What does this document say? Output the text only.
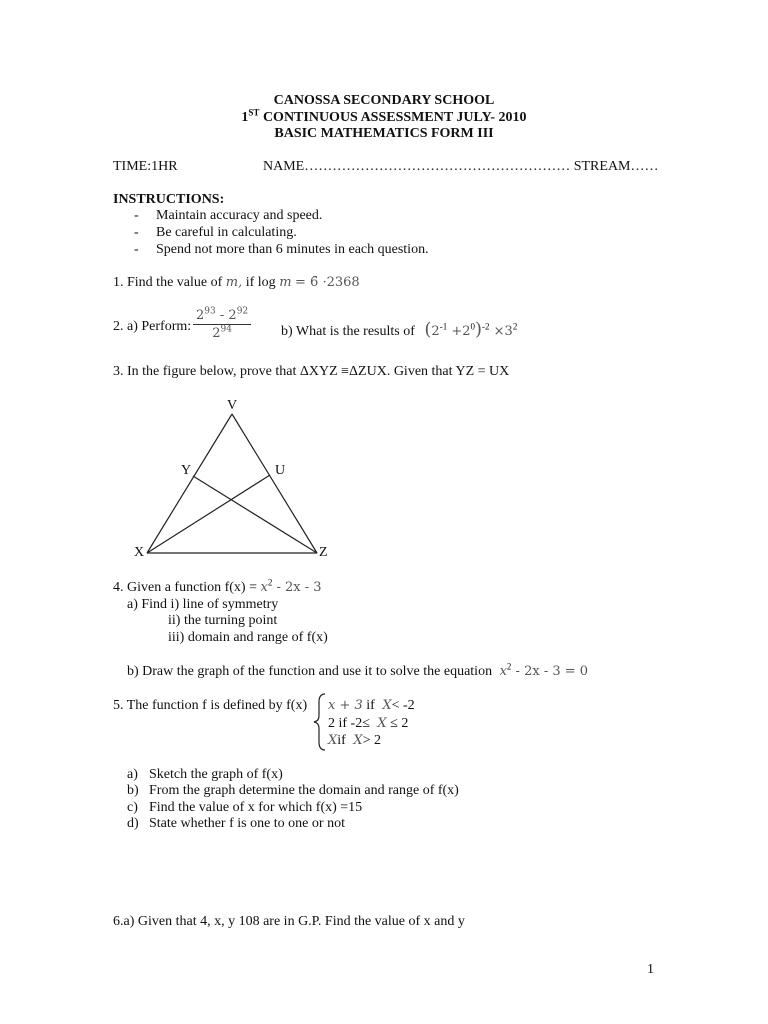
CANOSSA SECONDARY SCHOOL
1ST CONTINUOUS ASSESSMENT JULY- 2010
BASIC MATHEMATICS FORM III
TIME:1HR	NAME………………………………………………… STREAM……
INSTRUCTIONS:
- Maintain accuracy and speed.
- Be careful in calculating.
- Spend not more than 6 minutes in each question.
1. Find the value of m, if log m = 6̄ ·2368
2. a) Perform: $\frac{2^{93} - 2^{92}}{2^{94}} b$) What is the results of $(2^{-1} +2^0)^{-2} \times 3^2$
3. In the figure below, prove that ΔXYZ ≡ΔZUX. Given that YZ = UX
V
Y	U
X	Z
4. Given a function $f(x) = x^2 - 2x - 3$
a) Find i) line of symmetry
ii) the turning point
iii) domain and range of f(x)
b) Draw the graph of the function and use it to solve the equation $x^2 - 2x - 3 = 0$
5. The function f is defined by f(x) x + 3 if X< -2
2 if -2≤ X ≤ 2
Xif X> 2
a) Sketch the graph of f(x)
b) From the graph determine the domain and range of f(x)
c) Find the value of x for which f(x) =15
d) State whether f is one to one or not
6.a) Given that 4, x, y 108 are in G.P. Find the value of x and y
1
